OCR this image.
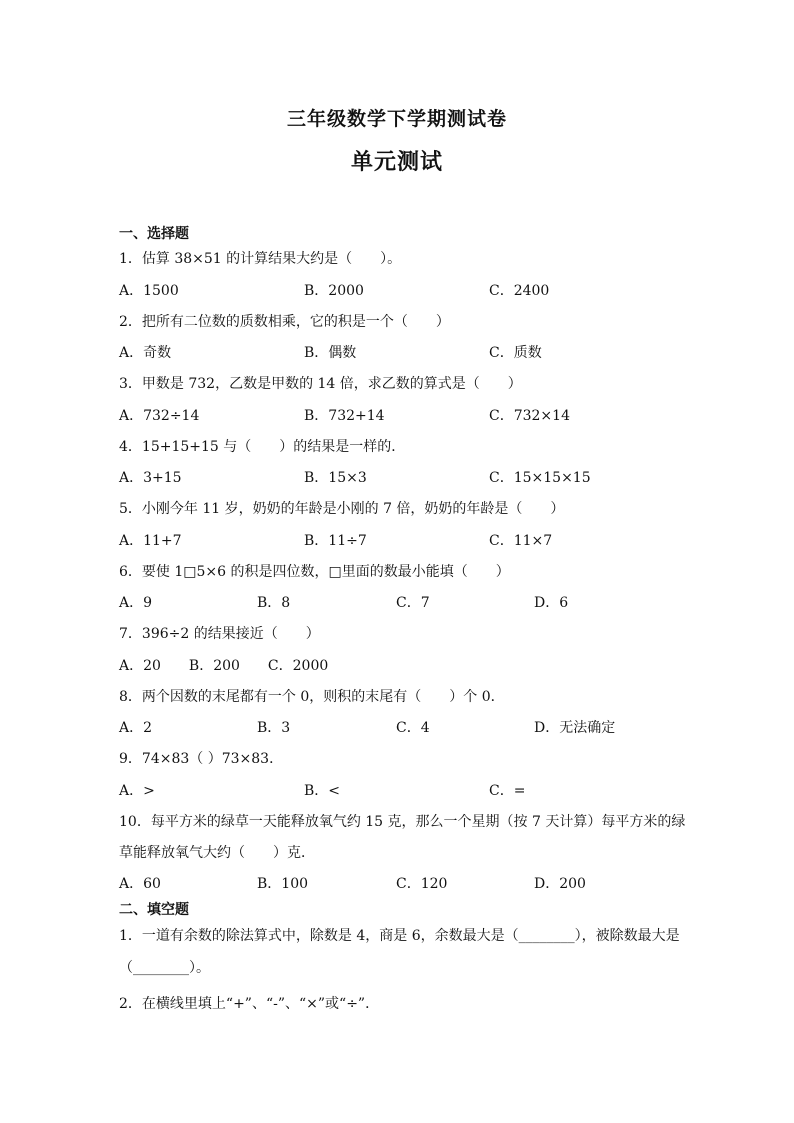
三年级数学下学期测试卷
单元测试
一、选择题
1．估算 38×51 的计算结果大约是（　　）。
A．1500	B．2000	C．2400
2．把所有二位数的质数相乘，它的积是一个（　　）
A．奇数	B．偶数	C．质数
3．甲数是 732，乙数是甲数的 14 倍，求乙数的算式是（　　）
A．732÷14	B．732+14	C．732×14
4．15+15+15 与（　　）的结果是一样的．
A．3+15	B．15×3	C．15×15×15
5．小刚今年 11 岁，奶奶的年龄是小刚的 7 倍，奶奶的年龄是（　　）
A．11+7	B．11÷7	C．11×7
6．要使 1□5×6 的积是四位数，□里面的数最小能填（　　）
A．9	B．8	C．7	D．6
7．396÷2 的结果接近（　　）
A．20　　B．200　　C．2000
8．两个因数的末尾都有一个 0，则积的末尾有（　　）个 0．
A．2	B．3	C．4	D．无法确定
9．74×83（ ）73×83．
A．>	B．<	C．=
10．每平方米的绿草一天能释放氧气约 15 克，那么一个星期（按 7 天计算）每平方米的绿
草能释放氧气大约（　　）克．
A．60	B．100	C．120	D．200
二、填空题
1．一道有余数的除法算式中，除数是 4，商是 6，余数最大是（________），被除数最大是
（________）。
2．在横线里填上“+”、“-”、“×”或“÷”．
